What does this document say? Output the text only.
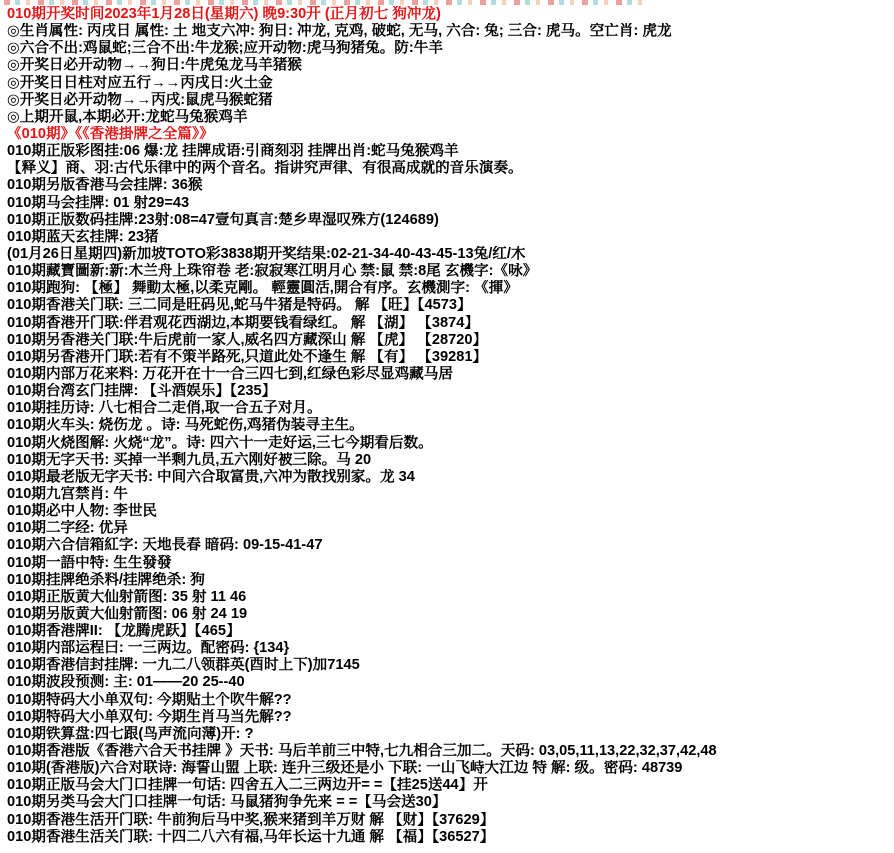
010期开奖时间2023年1月28日(星期六) 晚9:30开 (正月初七 狗冲龙)
◎生肖属性: 丙戌日 属性: 土 地支六冲: 狗日: 冲龙, 克鸡, 破蛇, 无马, 六合: 兔; 三合: 虎马。空亡肖: 虎龙
◎六合不出:鸡鼠蛇;三合不出:牛龙猴;应开动物:虎马狗猪兔。防:牛羊
◎开奖日必开动物→→狗日:牛虎兔龙马羊猪猴
◎开奖日日柱对应五行→→丙戌日:火土金
◎开奖日必开动物→→丙戌:鼠虎马猴蛇猪
◎上期开鼠,本期必开:龙蛇马兔猴鸡羊
《010期》《《香港掛牌之全篇》》
010期正版彩图挂:06 爆:龙 挂牌成语:引商刻羽 挂牌出肖:蛇马兔猴鸡羊
【释义】商、羽:古代乐律中的两个音名。指讲究声律、有很高成就的音乐演奏。
010期另版香港马会挂牌: 36猴
010期马会挂牌: 01 射29=43
010期正版数码挂牌:23射:08=47壹句真言:楚乡卑湿叹殊方(124689)
010期蓝天玄挂牌: 23猪
(01月26日星期四)新加坡TOTO彩3838期开奖结果:02-21-34-40-43-45-13兔/红/木
010期藏寶圖新:新:木兰舟上珠帘卷 老:寂寂寒江明月心 禁:鼠 禁:8尾 玄機字:《咏》
010期跑狗: 【極】 舞動太極,以柔克剛。 輕靈圓活,開合有序。玄機測字: 《揮》
010期香港关门联: 三二同是旺码见,蛇马牛猪是特码。 解 【旺】【4573】
010期香港开门联:伴君观花西湖边,本期要钱看绿红。 解 【湖】 【3874】
010期另香港关门联:牛后虎前一家人,威名四方藏深山 解 【虎】 【28720】
010期另香港开门联:若有不策半路死,只道此处不逢生 解 【有】 【39281】
010期内部万花来料: 万花开在十一合三四七到,红绿色彩尽显鸡藏马居
010期台湾玄门挂牌: 【斗酒娱乐】【235】
010期挂历诗: 八七相合二走俏,取一合五子对月。
010期火车头: 烧伤龙 。诗: 马死蛇伤,鸡猪伪装寻主生。
010期火烧图解: 火烧“龙”。诗: 四六十一走好运,三七今期看后数。
010期无字天书: 买掉一半剩九员,五六刚好被三除。马 20
010期最老版无字天书: 中间六合取富贵,六冲为散找别家。龙 34
010期九宫禁肖: 牛
010期必中人物: 李世民
010期二字经: 优异
010期六合信箱紅字: 天地長春 暗码: 09-15-41-47
010期一語中特: 生生發發
010期挂牌绝杀料/挂牌绝杀: 狗
010期正版黄大仙射箭图: 35 射 11 46
010期另版黄大仙射箭图: 06 射 24 19
010期香港牌II: 【龙腾虎跃】【465】
010期内部运程曰: 一三两边。配密码: {134}
010期香港信封挂牌: 一九二八领群英(酉时上下)加7145
010期波段预测: 主: 01——20 25--40
010期特码大小单双句: 今期贴土个吹牛解??
010期特码大小单双句: 今期生肖马当先解??
010期铁算盘:四七跟(鸟声流向薄)开: ?
010期香港版《香港六合天书挂牌 》天书: 马后羊前三中特,七九相合三加二。天码: 03,05,11,13,22,32,37,42,48
010期(香港版)六合对联诗: 海誓山盟 上联: 连升三级还是小 下联: 一山飞峙大江边 特 解: 级。密码: 48739
010期正版马会大门口挂牌一句话: 四舍五入二三两边开= =【挂25送44】开
010期另类马会大门口挂牌一句话: 马鼠猪狗争先来 = =【马会送30】
010期香港生活开门联: 牛前狗后马中奖,猴来猪到羊万财 解 【财】【37629】
010期香港生活关门联: 十四二八六有福,马年长运十九通 解 【福】【36527】
